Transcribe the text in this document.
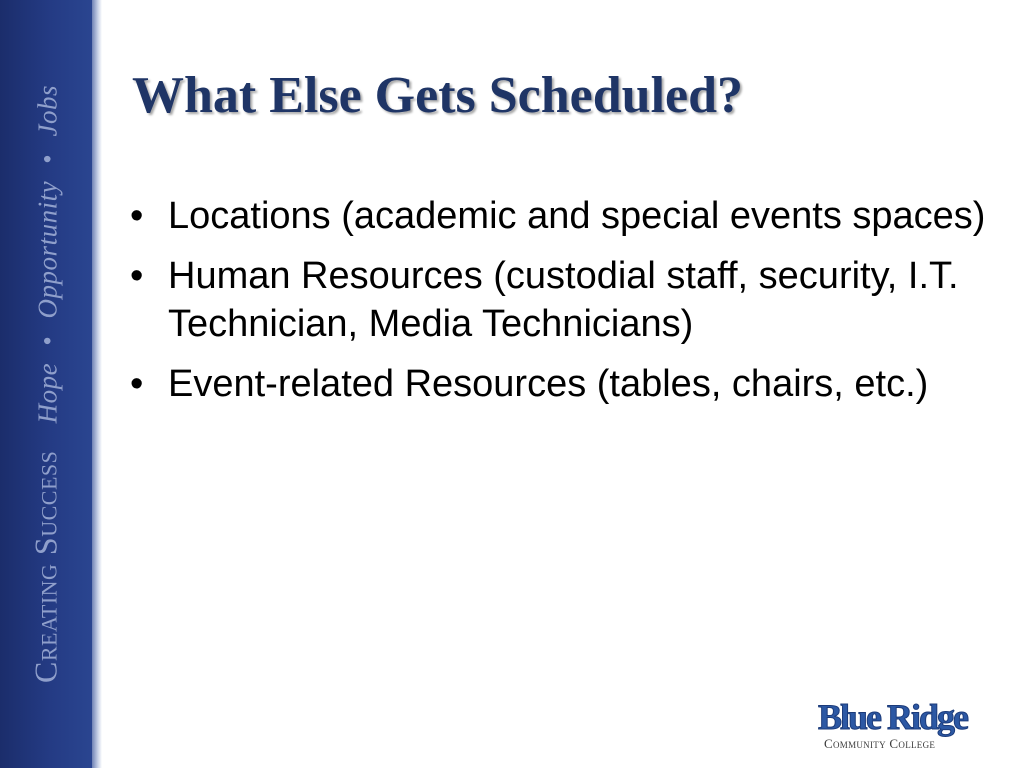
Creating Success Hope • Opportunity • Jobs What Else Gets Scheduled?
• Locations (academic and special events spaces)
• Human Resources (custodial staff, security, I.T. Technician, Media Technicians)
• Event-related Resources (tables, chairs, etc.)
Blue Ridge
Community College
